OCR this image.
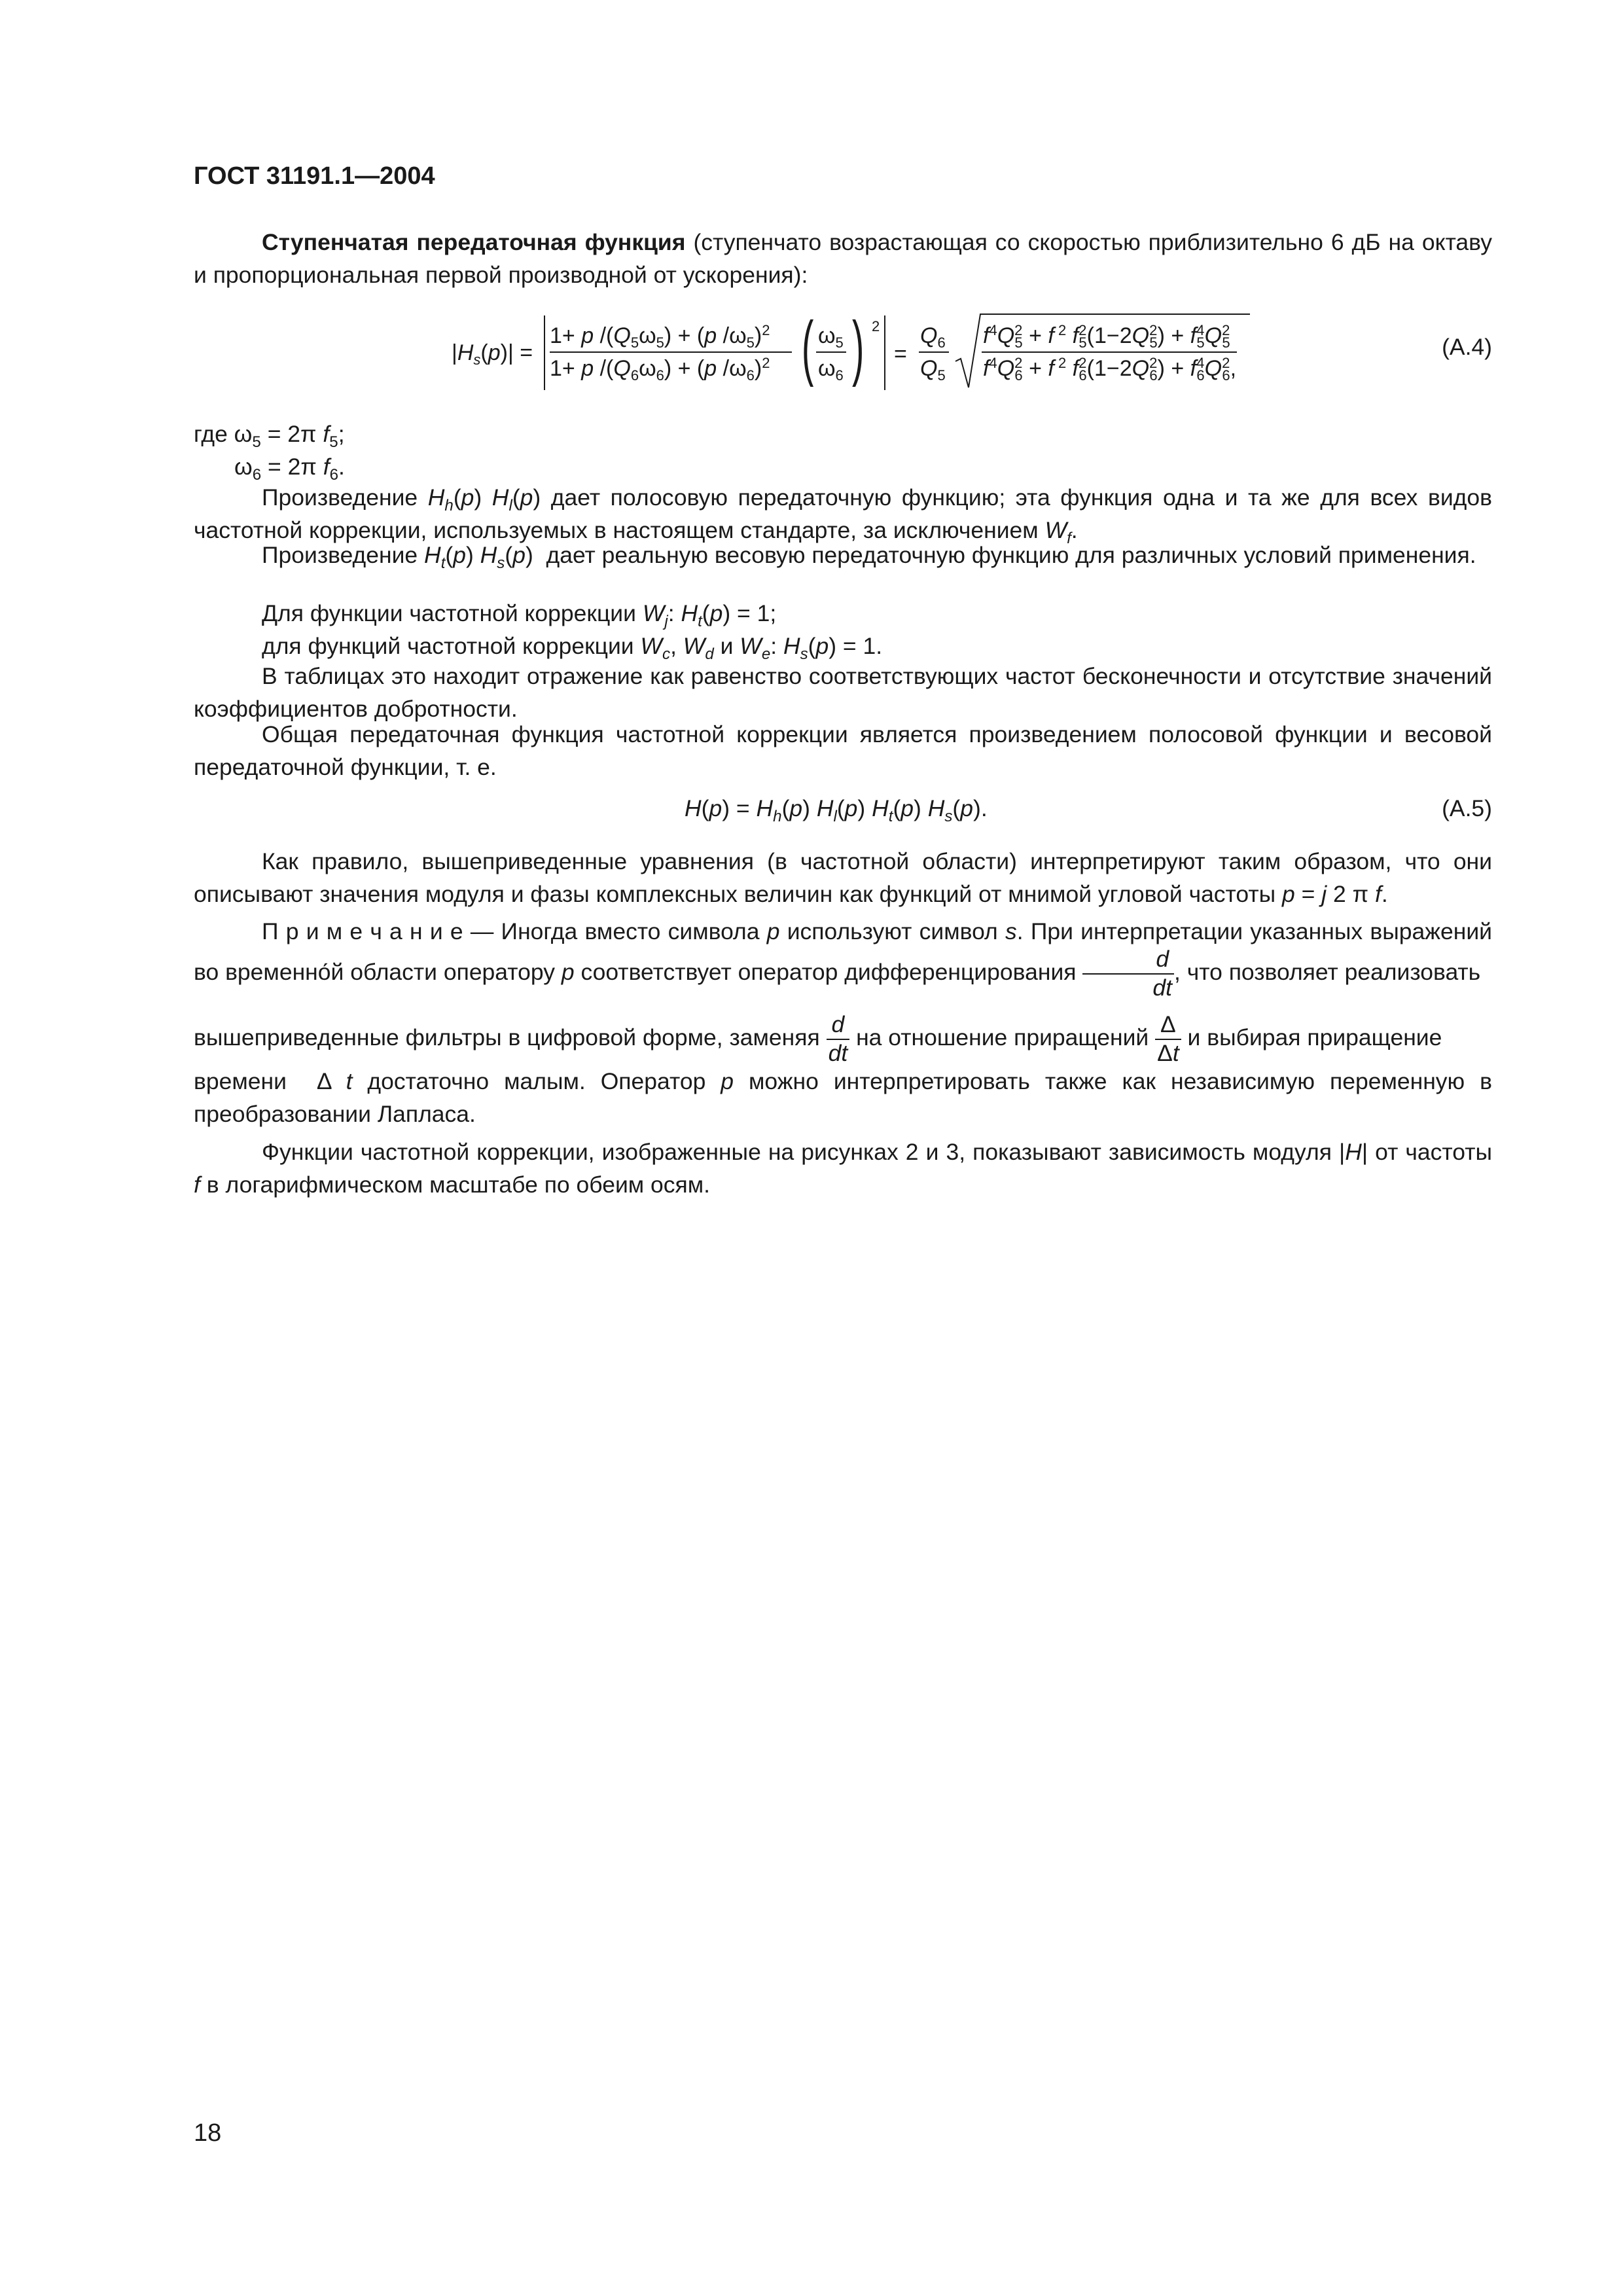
ГОСТ 31191.1—2004

Ступенчатая передаточная функция (ступенчато возрастающая со скоростью приблизительно 6 дБ на октаву и пропорциональная первой производной от ускорения):

$|H_s(p)|$ =
1+ p $/(Q_5\omega_5) + (p$ $/\omega_5)^2$
1+ p $/(Q_6\omega_6) + (p$ $/\omega_6)^2$ ( $\omega_5$
$\omega_6$ ) 2
=
$Q_6$
$Q_5$
$f^4Q^2$ 5 + f $^2$ $f^2$ $5(1-2Q^2$ $5) + f^4$ $5Q^2$ 5
$f^4Q^2$ 6 + f $^2$ $f^2$ $6(1-2Q^2$ $6) + f^4$ $6Q^2$ 6,
(А.4)
где $\omega_5 = 2\pi$ $f_5$;
$\omega_6 = 2\pi$ $f_6$.

Произведение $H_h(p)$ $H_l(p)$ дает полосовую передаточную функцию; эта функция одна и та же для всех видов частотной коррекции, используемых в настоящем стандарте, за исключением $W_f$.

Произведение $H_t(p)$ $H_s(p)$  дает реальную весовую передаточную функцию для различных условий применения.

Для функции частотной коррекции $W_j$: $H_t(p) = 1$;

для функций частотной коррекции $W_c$, $W_d$ и $W_e$: $H_s(p) = 1$.

В таблицах это находит отражение как равенство соответствующих частот бесконечности и отсутствие значений коэффициентов добротности.

Общая передаточная функция частотной коррекции является произведением полосовой функции и весовой передаточной функции, т. е.

$H(p) = H_h(p)$ $H_l(p)$ $H_t(p)$ $H_s(p)$.	(А.5)

Как правило, вышеприведенные уравнения (в частотной области) интерпретируют таким образом, что они описывают значения модуля и фазы комплексных величин как функций от мнимой угловой частоты p = j 2 π f.

П р и м е ч а н и е — Иногда вместо символа p используют символ s. При интерпретации указанных выражений во временно́й области оператору p соответствует оператор дифференцирования $\frac{d}{dt}$ , что позволяет реализовать

вышеприведенные фильтры в цифровой форме, заменяя $\frac{d}{dt}$ на отношение приращений $\frac{\Delta}{\Delta t}$ и выбирая приращение

времени  Δ t достаточно малым. Оператор p можно интерпретировать также как независимую переменную в преобразовании Лапласа.

Функции частотной коррекции, изображенные на рисунках 2 и 3, показывают зависимость модуля |H| от частоты f в логарифмическом масштабе по обеим осям.

18
